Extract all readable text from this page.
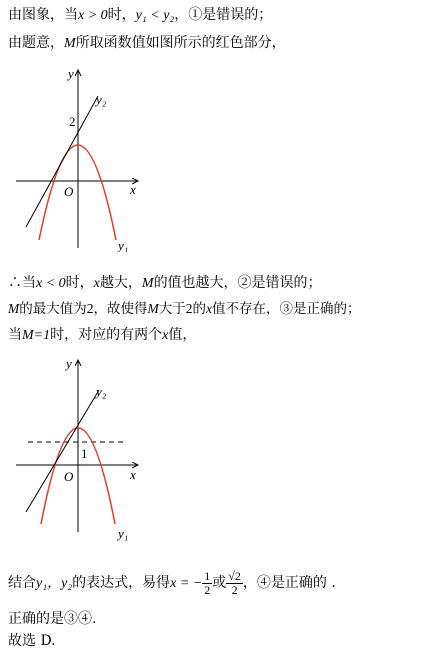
由图象，当x > 0时，y₁ < y₂，①是错误的；
由题意，M所取函数值如图所示的红色部分，
y
x
O
2
y₁
y₂
∴当x < 0时，x越大，M的值也越大，②是错误的；
M的最大值为2，故使得M大于2的x值不存在，③是正确的；
当M=1时，对应的有两个x值，
y
x
O
1
y₁
y₂
结合y₁，y₂的表达式，易得x = − $\frac{1}{2}$ 或 $\frac{√2}{2}$ ，④是正确的 .
正确的是③④.
故选 D.
